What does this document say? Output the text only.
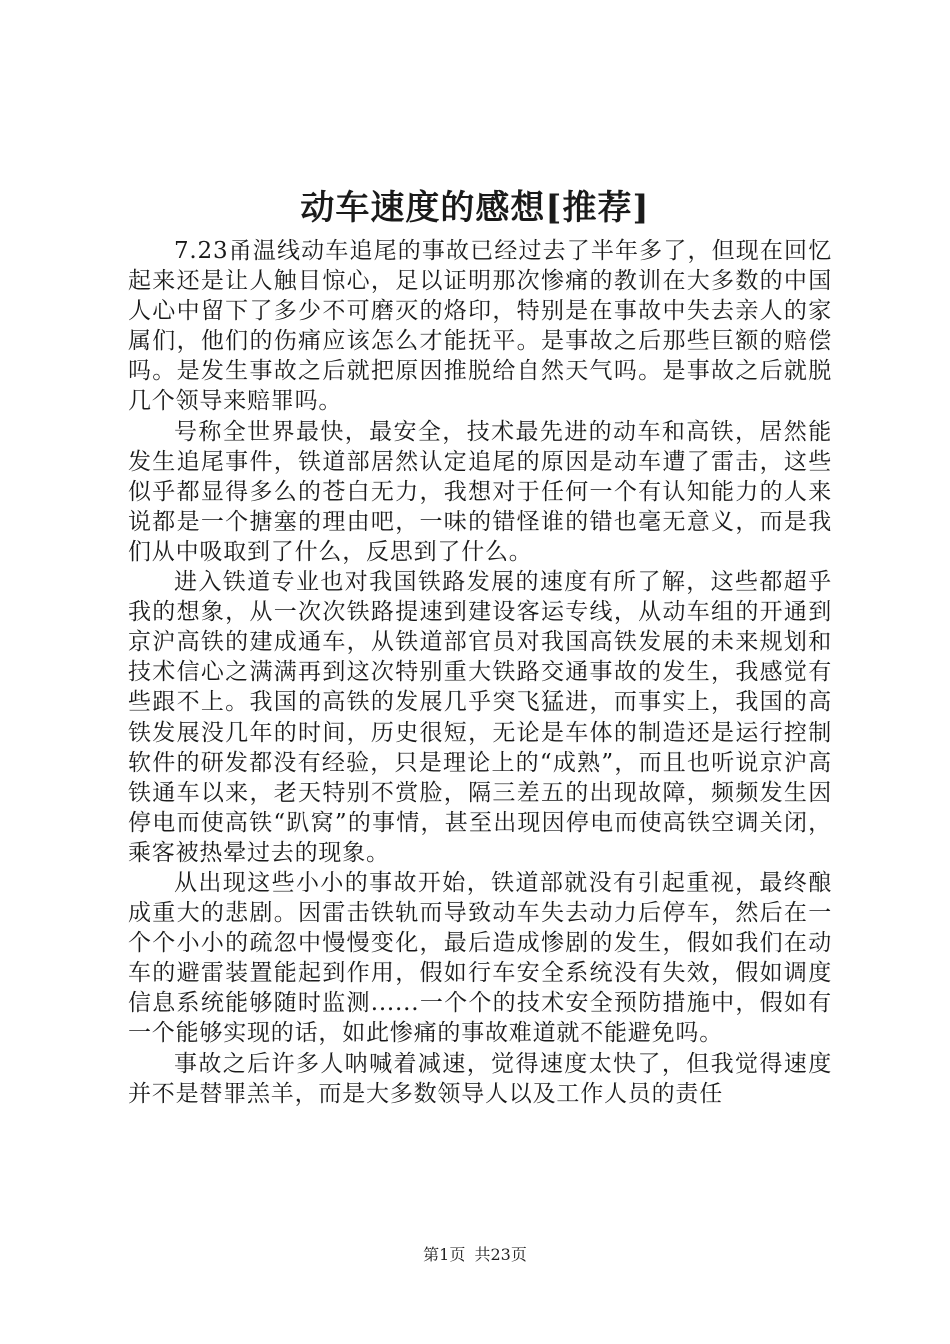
动车速度的感想[推荐]

7.23甬温线动车追尾的事故已经过去了半年多了，但现在回忆起来还是让人触目惊心，足以证明那次惨痛的教训在大多数的中国人心中留下了多少不可磨灭的烙印，特别是在事故中失去亲人的家属们，他们的伤痛应该怎么才能抚平。是事故之后那些巨额的赔偿吗。是发生事故之后就把原因推脱给自然天气吗。是事故之后就脱几个领导来赔罪吗。

号称全世界最快，最安全，技术最先进的动车和高铁，居然能发生追尾事件，铁道部居然认定追尾的原因是动车遭了雷击，这些似乎都显得多么的苍白无力，我想对于任何一个有认知能力的人来说都是一个搪塞的理由吧，一味的错怪谁的错也毫无意义，而是我们从中吸取到了什么，反思到了什么。

进入铁道专业也对我国铁路发展的速度有所了解，这些都超乎我的想象，从一次次铁路提速到建设客运专线，从动车组的开通到京沪高铁的建成通车，从铁道部官员对我国高铁发展的未来规划和技术信心之满满再到这次特别重大铁路交通事故的发生，我感觉有些跟不上。我国的高铁的发展几乎突飞猛进，而事实上，我国的高铁发展没几年的时间，历史很短，无论是车体的制造还是运行控制软件的研发都没有经验，只是理论上的“成熟”，而且也听说京沪高铁通车以来，老天特别不赏脸，隔三差五的出现故障，频频发生因停电而使高铁“趴窝”的事情，甚至出现因停电而使高铁空调关闭，乘客被热晕过去的现象。

从出现这些小小的事故开始，铁道部就没有引起重视，最终酿成重大的悲剧。因雷击铁轨而导致动车失去动力后停车，然后在一个个小小的疏忽中慢慢变化，最后造成惨剧的发生，假如我们在动车的避雷装置能起到作用，假如行车安全系统没有失效，假如调度信息系统能够随时监测......一个个的技术安全预防措施中，假如有一个能够实现的话，如此惨痛的事故难道就不能避免吗。

事故之后许多人呐喊着减速，觉得速度太快了，但我觉得速度并不是替罪羔羊，而是大多数领导人以及工作人员的责任

第1页 共23页
